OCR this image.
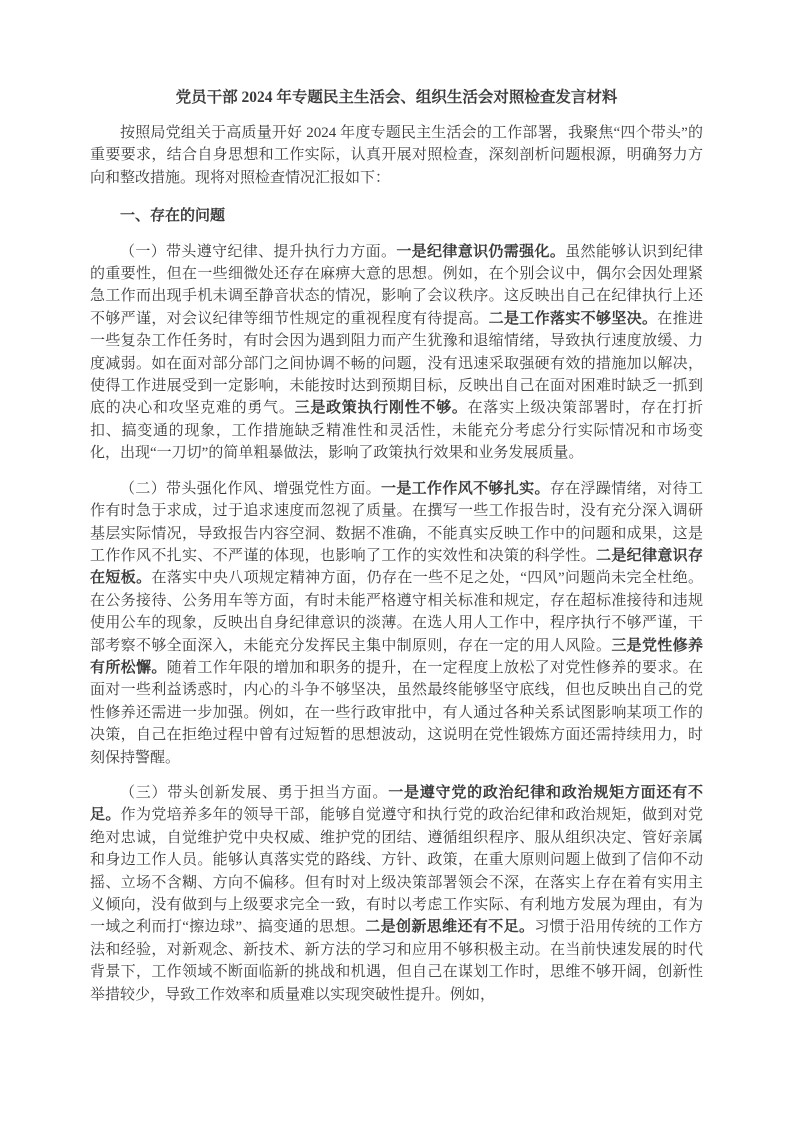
党员干部 2024 年专题民主生活会、组织生活会对照检查发言材料

按照局党组关于高质量开好 2024 年度专题民主生活会的工作部署，我聚焦“四个带头”的重要要求，结合自身思想和工作实际，认真开展对照检查，深刻剖析问题根源，明确努力方向和整改措施。现将对照检查情况汇报如下：

一、存在的问题

（一）带头遵守纪律、提升执行力方面。一是纪律意识仍需强化。虽然能够认识到纪律的重要性，但在一些细微处还存在麻痹大意的思想。例如，在个别会议中，偶尔会因处理紧急工作而出现手机未调至静音状态的情况，影响了会议秩序。这反映出自己在纪律执行上还不够严谨，对会议纪律等细节性规定的重视程度有待提高。二是工作落实不够坚决。在推进一些复杂工作任务时，有时会因为遇到阻力而产生犹豫和退缩情绪，导致执行速度放缓、力度减弱。如在面对部分部门之间协调不畅的问题，没有迅速采取强硬有效的措施加以解决，使得工作进展受到一定影响，未能按时达到预期目标，反映出自己在面对困难时缺乏一抓到底的决心和攻坚克难的勇气。三是政策执行刚性不够。在落实上级决策部署时，存在打折扣、搞变通的现象，工作措施缺乏精准性和灵活性，未能充分考虑分行实际情况和市场变化，出现“一刀切”的简单粗暴做法，影响了政策执行效果和业务发展质量。

（二）带头强化作风、增强党性方面。一是工作作风不够扎实。存在浮躁情绪，对待工作有时急于求成，过于追求速度而忽视了质量。在撰写一些工作报告时，没有充分深入调研基层实际情况，导致报告内容空洞、数据不准确，不能真实反映工作中的问题和成果，这是工作作风不扎实、不严谨的体现，也影响了工作的实效性和决策的科学性。二是纪律意识存在短板。在落实中央八项规定精神方面，仍存在一些不足之处，“四风”问题尚未完全杜绝。在公务接待、公务用车等方面，有时未能严格遵守相关标准和规定，存在超标准接待和违规使用公车的现象，反映出自身纪律意识的淡薄。在选人用人工作中，程序执行不够严谨，干部考察不够全面深入，未能充分发挥民主集中制原则，存在一定的用人风险。三是党性修养有所松懈。随着工作年限的增加和职务的提升，在一定程度上放松了对党性修养的要求。在面对一些利益诱惑时，内心的斗争不够坚决，虽然最终能够坚守底线，但也反映出自己的党性修养还需进一步加强。例如，在一些行政审批中，有人通过各种关系试图影响某项工作的决策，自己在拒绝过程中曾有过短暂的思想波动，这说明在党性锻炼方面还需持续用力，时刻保持警醒。

（三）带头创新发展、勇于担当方面。一是遵守党的政治纪律和政治规矩方面还有不足。作为党培养多年的领导干部，能够自觉遵守和执行党的政治纪律和政治规矩，做到对党绝对忠诚，自觉维护党中央权威、维护党的团结、遵循组织程序、服从组织决定、管好亲属和身边工作人员。能够认真落实党的路线、方针、政策，在重大原则问题上做到了信仰不动摇、立场不含糊、方向不偏移。但有时对上级决策部署领会不深，在落实上存在着有实用主义倾向，没有做到与上级要求完全一致，有时以考虑工作实际、有利地方发展为理由，有为一域之利而打“擦边球”、搞变通的思想。二是创新思维还有不足。习惯于沿用传统的工作方法和经验，对新观念、新技术、新方法的学习和应用不够积极主动。在当前快速发展的时代背景下，工作领域不断面临新的挑战和机遇，但自己在谋划工作时，思维不够开阔，创新性举措较少，导致工作效率和质量难以实现突破性提升。例如，
